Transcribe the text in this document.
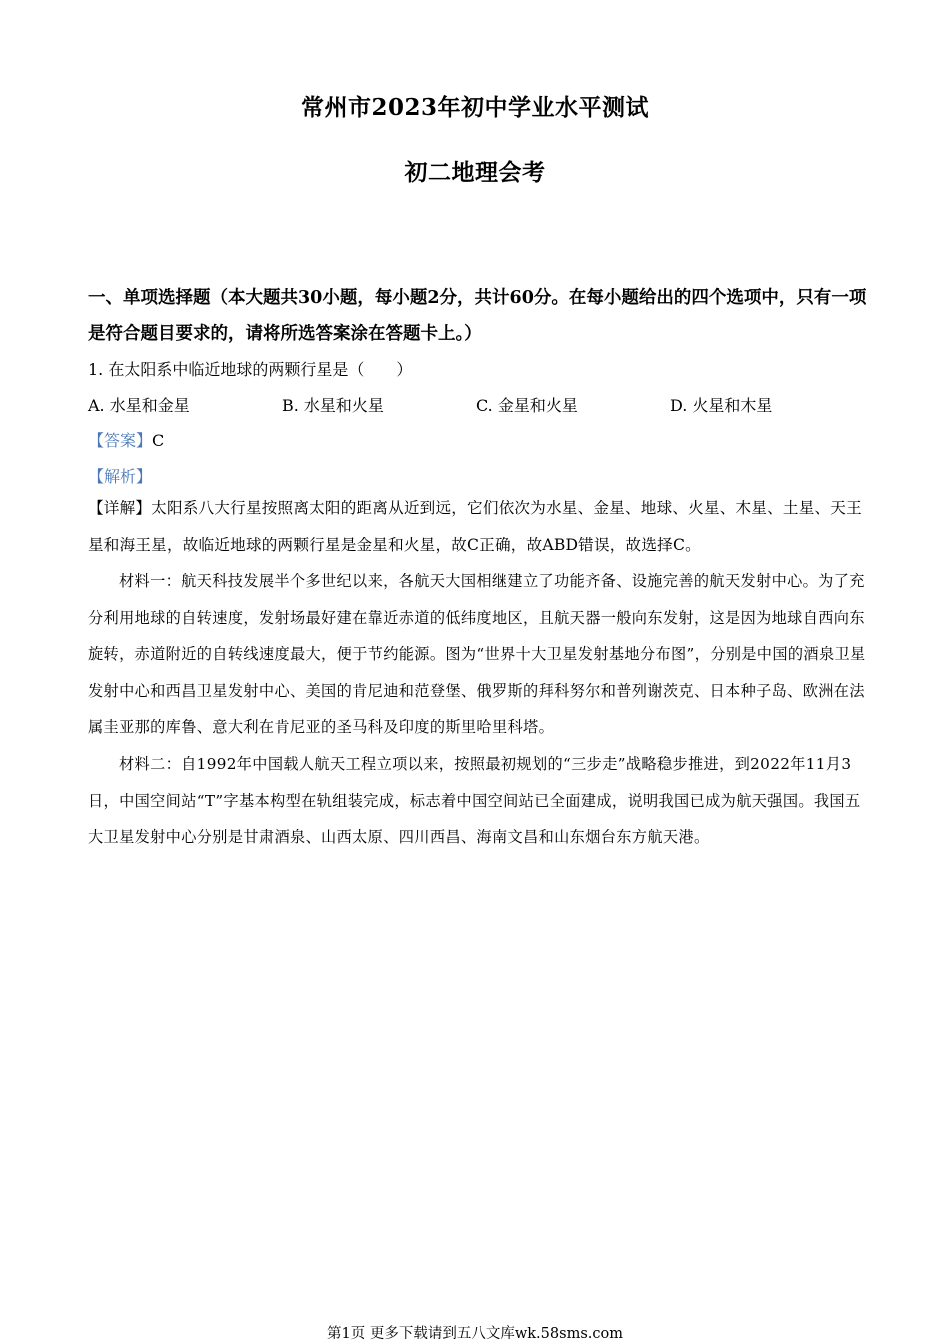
常州市2023年初中学业水平测试
初二地理会考
一、单项选择题（本大题共30小题，每小题2分，共计60分。在每小题给出的四个选项中，只有一项是符合题目要求的，请将所选答案涂在答题卡上。）
1. 在太阳系中临近地球的两颗行星是（　　）
A. 水星和金星	B. 水星和火星	C. 金星和火星	D. 火星和木星
【答案】C
【解析】
【详解】太阳系八大行星按照离太阳的距离从近到远，它们依次为水星、金星、地球、火星、木星、土星、天王星和海王星，故临近地球的两颗行星是金星和火星，故C正确，故ABD错误，故选择C。
材料一：航天科技发展半个多世纪以来，各航天大国相继建立了功能齐备、设施完善的航天发射中心。为了充分利用地球的自转速度，发射场最好建在靠近赤道的低纬度地区，且航天器一般向东发射，这是因为地球自西向东旋转，赤道附近的自转线速度最大，便于节约能源。图为“世界十大卫星发射基地分布图”，分别是中国的酒泉卫星发射中心和西昌卫星发射中心、美国的肯尼迪和范登堡、俄罗斯的拜科努尔和普列谢茨克、日本种子岛、欧洲在法属圭亚那的库鲁、意大利在肯尼亚的圣马科及印度的斯里哈里科塔。
材料二：自1992年中国载人航天工程立项以来，按照最初规划的“三步走”战略稳步推进，到2022年11月3日，中国空间站“T”字基本构型在轨组装完成，标志着中国空间站已全面建成，说明我国已成为航天强国。我国五大卫星发射中心分别是甘肃酒泉、山西太原、四川西昌、海南文昌和山东烟台东方航天港。
第1页 更多下载请到五八文库wk.58sms.com
